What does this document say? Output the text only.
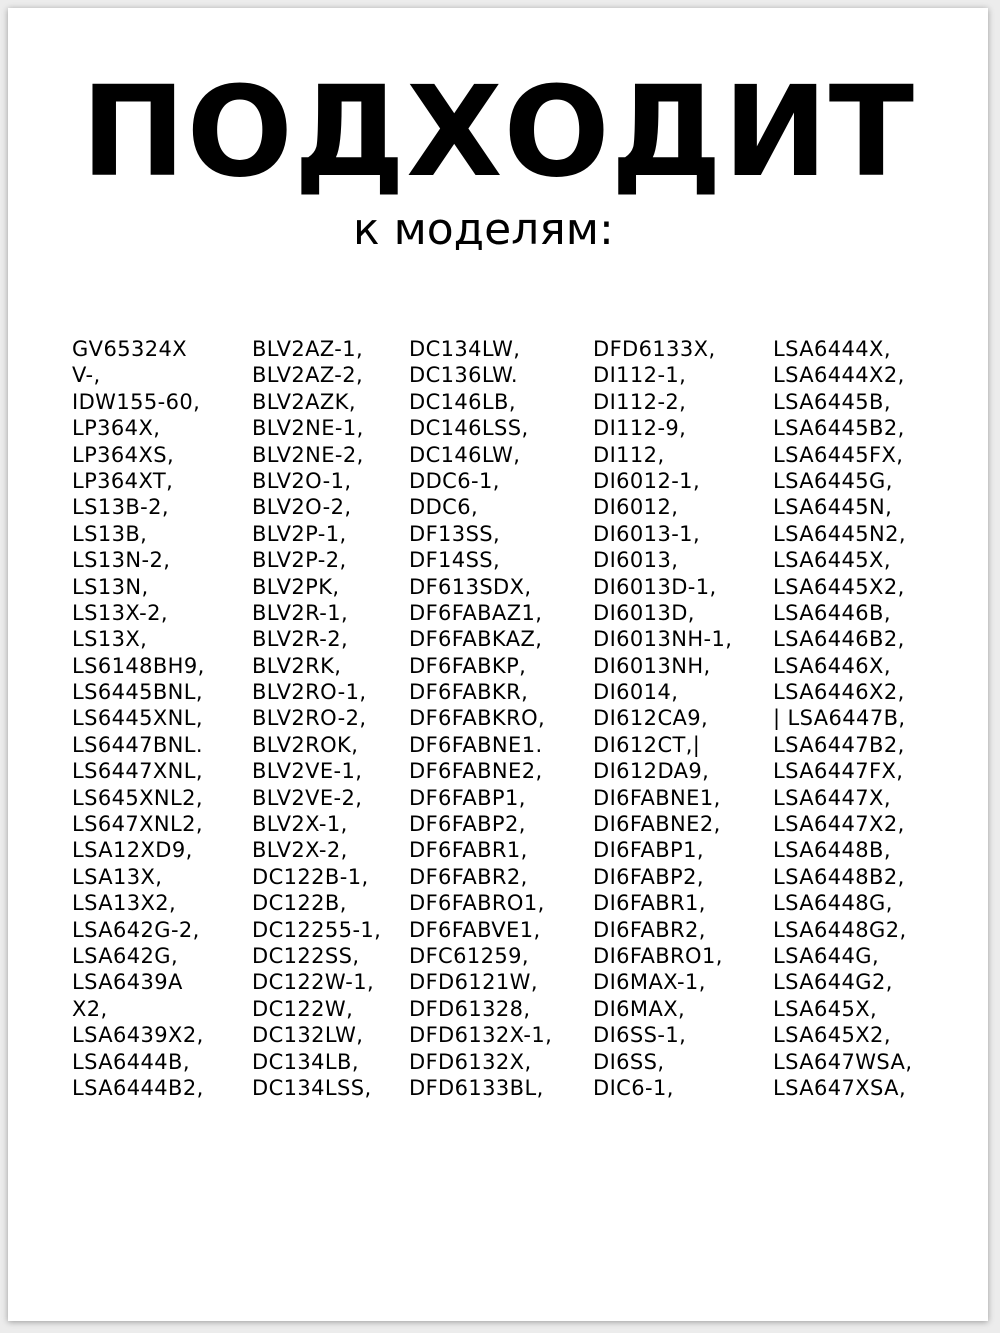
ПОДХОДИТ

к моделям:

GV65324X
V-,
IDW155-60,
LP364X,
LP364XS,
LP364XT,
LS13B-2,
LS13B,
LS13N-2,
LS13N,
LS13X-2,
LS13X,
LS6148BH9,
LS6445BNL,
LS6445XNL,
LS6447BNL.
LS6447XNL,
LS645XNL2,
LS647XNL2,
LSA12XD9,
LSA13X,
LSA13X2,
LSA642G-2,
LSA642G,
LSA6439A
X2,
LSA6439X2,
LSA6444B,
LSA6444B2,
BLV2AZ-1,
BLV2AZ-2,
BLV2AZK,
BLV2NE-1,
BLV2NE-2,
BLV2O-1,
BLV2O-2,
BLV2P-1,
BLV2P-2,
BLV2PK,
BLV2R-1,
BLV2R-2,
BLV2RK,
BLV2RO-1,
BLV2RO-2,
BLV2ROK,
BLV2VE-1,
BLV2VE-2,
BLV2X-1,
BLV2X-2,
DC122B-1,
DC122B,
DC12255-1,
DC122SS,
DC122W-1,
DC122W,
DC132LW,
DC134LB,
DC134LSS,
DC134LW,
DC136LW.
DC146LB,
DC146LSS,
DC146LW,
DDC6-1,
DDC6,
DF13SS,
DF14SS,
DF613SDX,
DF6FABAZ1,
DF6FABKAZ,
DF6FABKP,
DF6FABKR,
DF6FABKRO,
DF6FABNE1.
DF6FABNE2,
DF6FABP1,
DF6FABP2,
DF6FABR1,
DF6FABR2,
DF6FABRO1,
DF6FABVE1,
DFC61259,
DFD6121W,
DFD61328,
DFD6132X-1,
DFD6132X,
DFD6133BL,
DFD6133X,
DI112-1,
DI112-2,
DI112-9,
DI112,
DI6012-1,
DI6012,
DI6013-1,
DI6013,
DI6013D-1,
DI6013D,
DI6013NH-1,
DI6013NH,
DI6014,
DI612CA9,
DI612CT,|
DI612DA9,
DI6FABNE1,
DI6FABNE2,
DI6FABP1,
DI6FABP2,
DI6FABR1,
DI6FABR2,
DI6FABRO1,
DI6MAX-1,
DI6MAX,
DI6SS-1,
DI6SS,
DIC6-1,
LSA6444X,
LSA6444X2,
LSA6445B,
LSA6445B2,
LSA6445FX,
LSA6445G,
LSA6445N,
LSA6445N2,
LSA6445X,
LSA6445X2,
LSA6446B,
LSA6446B2,
LSA6446X,
LSA6446X2,
| LSA6447B,
LSA6447B2,
LSA6447FX,
LSA6447X,
LSA6447X2,
LSA6448B,
LSA6448B2,
LSA6448G,
LSA6448G2,
LSA644G,
LSA644G2,
LSA645X,
LSA645X2,
LSA647WSA,
LSA647XSA,
